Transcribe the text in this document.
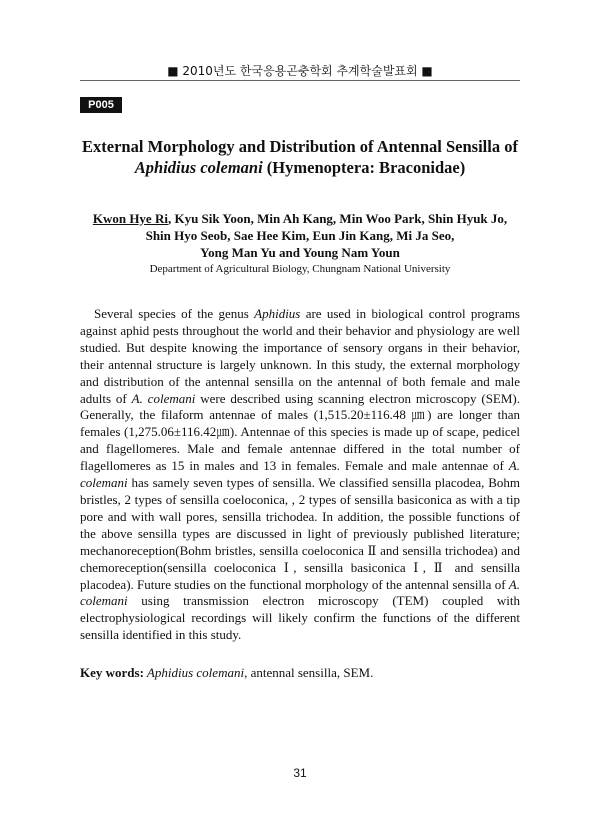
■ 2010년도 한국응용곤충학회 추계학술발표회 ■
P005
External Morphology and Distribution of Antennal Sensilla of
Aphidius colemani (Hymenoptera: Braconidae)
Kwon Hye Ri, Kyu Sik Yoon, Min Ah Kang, Min Woo Park, Shin Hyuk Jo,
Shin Hyo Seob, Sae Hee Kim, Eun Jin Kang, Mi Ja Seo,
Yong Man Yu and Young Nam Youn
Department of Agricultural Biology, Chungnam National University
Several species of the genus Aphidius are used in biological control programs against aphid pests throughout the world and their behavior and physiology are well studied. But despite knowing the importance of sensory organs in their behavior, their antennal structure is largely unknown. In this study, the external morphology and distribution of the antennal sensilla on the antennal of both female and male adults of A. colemani were described using scanning electron microscopy (SEM). Generally, the filaform antennae of males (1,515.20±116.48 ㎛) are longer than females (1,275.06±116.42㎛). Antennae of this species is made up of scape, pedicel and flagellomeres. Male and female antennae differed in the total number of flagellomeres as 15 in males and 13 in females. Female and male antennae of A. colemani has samely seven types of sensilla. We classified sensilla placodea, Bohm bristles, 2 types of sensilla coeloconica, , 2 types of sensilla basiconica as with a tip pore and with wall pores, sensilla trichodea. In addition, the possible functions of the above sensilla types are discussed in light of previously published literature; mechanoreception(Bohm bristles, sensilla coeloconica Ⅱ and sensilla trichodea) and chemoreception(sensilla coeloconica Ⅰ, sensilla basiconica Ⅰ, Ⅱ and sensilla placodea). Future studies on the functional morphology of the antennal sensilla of A. colemani using transmission electron microscopy (TEM) coupled with electrophysiological recordings will likely confirm the functions of the different sensilla identified in this study.
Key words: Aphidius colemani, antennal sensilla, SEM.
31
